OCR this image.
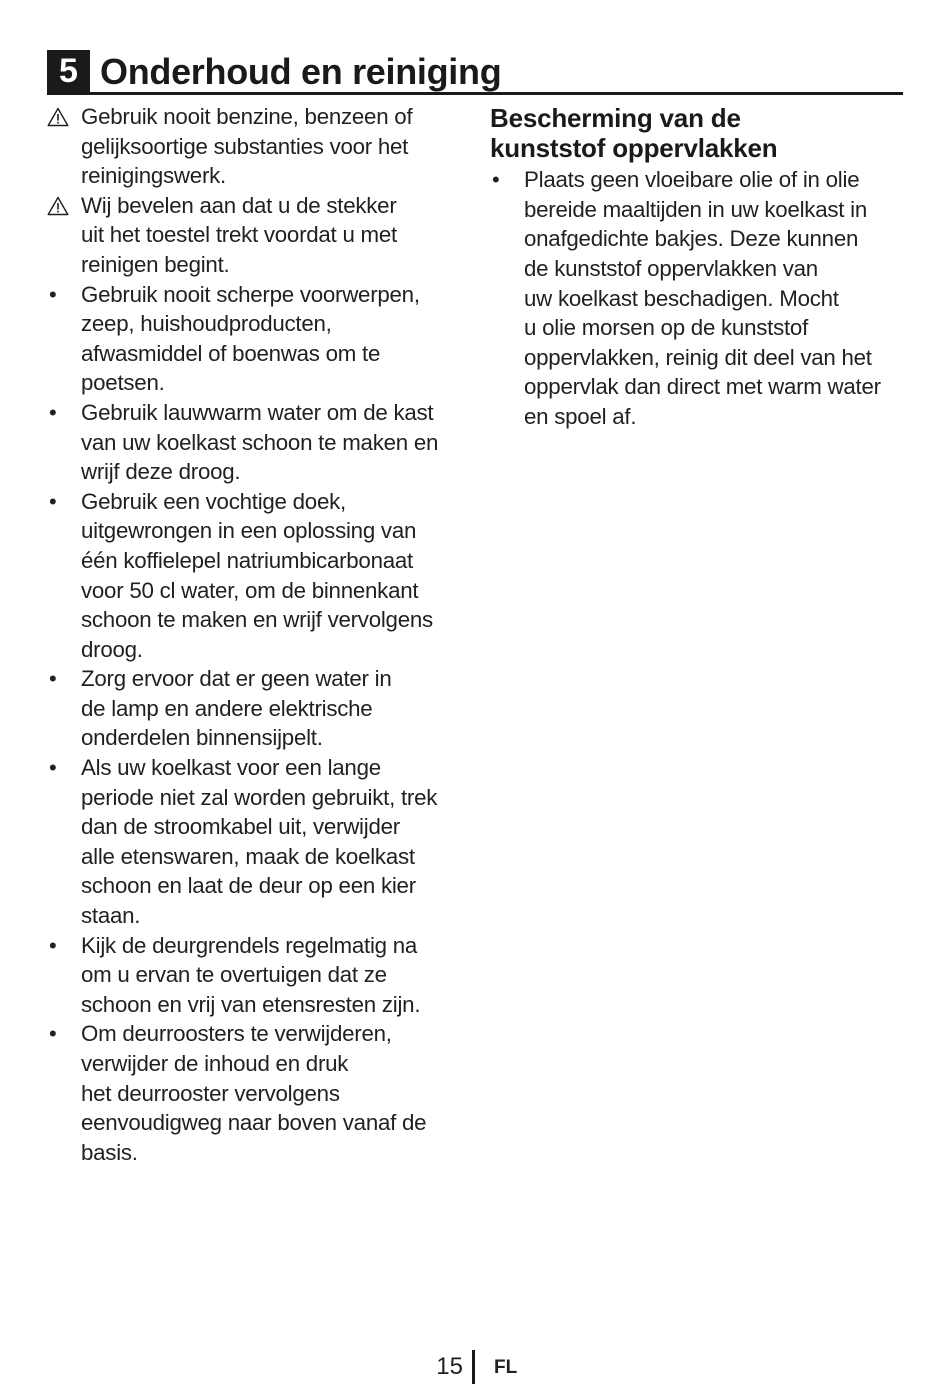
5 Onderhoud en reiniging
Gebruik nooit benzine, benzeen of
gelijksoortige substanties voor het
reinigingswerk.
Wij bevelen aan dat u de stekker
uit het toestel trekt voordat u met
reinigen begint.
•	Gebruik nooit scherpe voorwerpen,
zeep, huishoudproducten,
afwasmiddel of boenwas om te
poetsen.
•	Gebruik lauwwarm water om de kast
van uw koelkast schoon te maken en
wrijf deze droog.
•	Gebruik een vochtige doek,
uitgewrongen in een oplossing van
één koffielepel natriumbicarbonaat
voor 50 cl water, om de binnenkant
schoon te maken en wrijf vervolgens
droog.
•	Zorg ervoor dat er geen water in
de lamp en andere elektrische
onderdelen binnensijpelt.
•	Als uw koelkast voor een lange
periode niet zal worden gebruikt, trek
dan de stroomkabel uit, verwijder
alle etenswaren, maak de koelkast
schoon en laat de deur op een kier
staan.
•	Kijk de deurgrendels regelmatig na
om u ervan te overtuigen dat ze
schoon en vrij van etensresten zijn.
•	Om deurroosters te verwijderen,
verwijder de inhoud en druk
het deurrooster vervolgens
eenvoudigweg naar boven vanaf de
basis.
Bescherming van de
kunststof oppervlakken
•	Plaats geen vloeibare olie of in olie
bereide maaltijden in uw koelkast in
onafgedichte bakjes. Deze kunnen
de kunststof oppervlakken van
uw koelkast beschadigen. Mocht
u olie morsen op de kunststof
oppervlakken, reinig dit deel van het
oppervlak dan direct met warm water
en spoel af.
15 FL
